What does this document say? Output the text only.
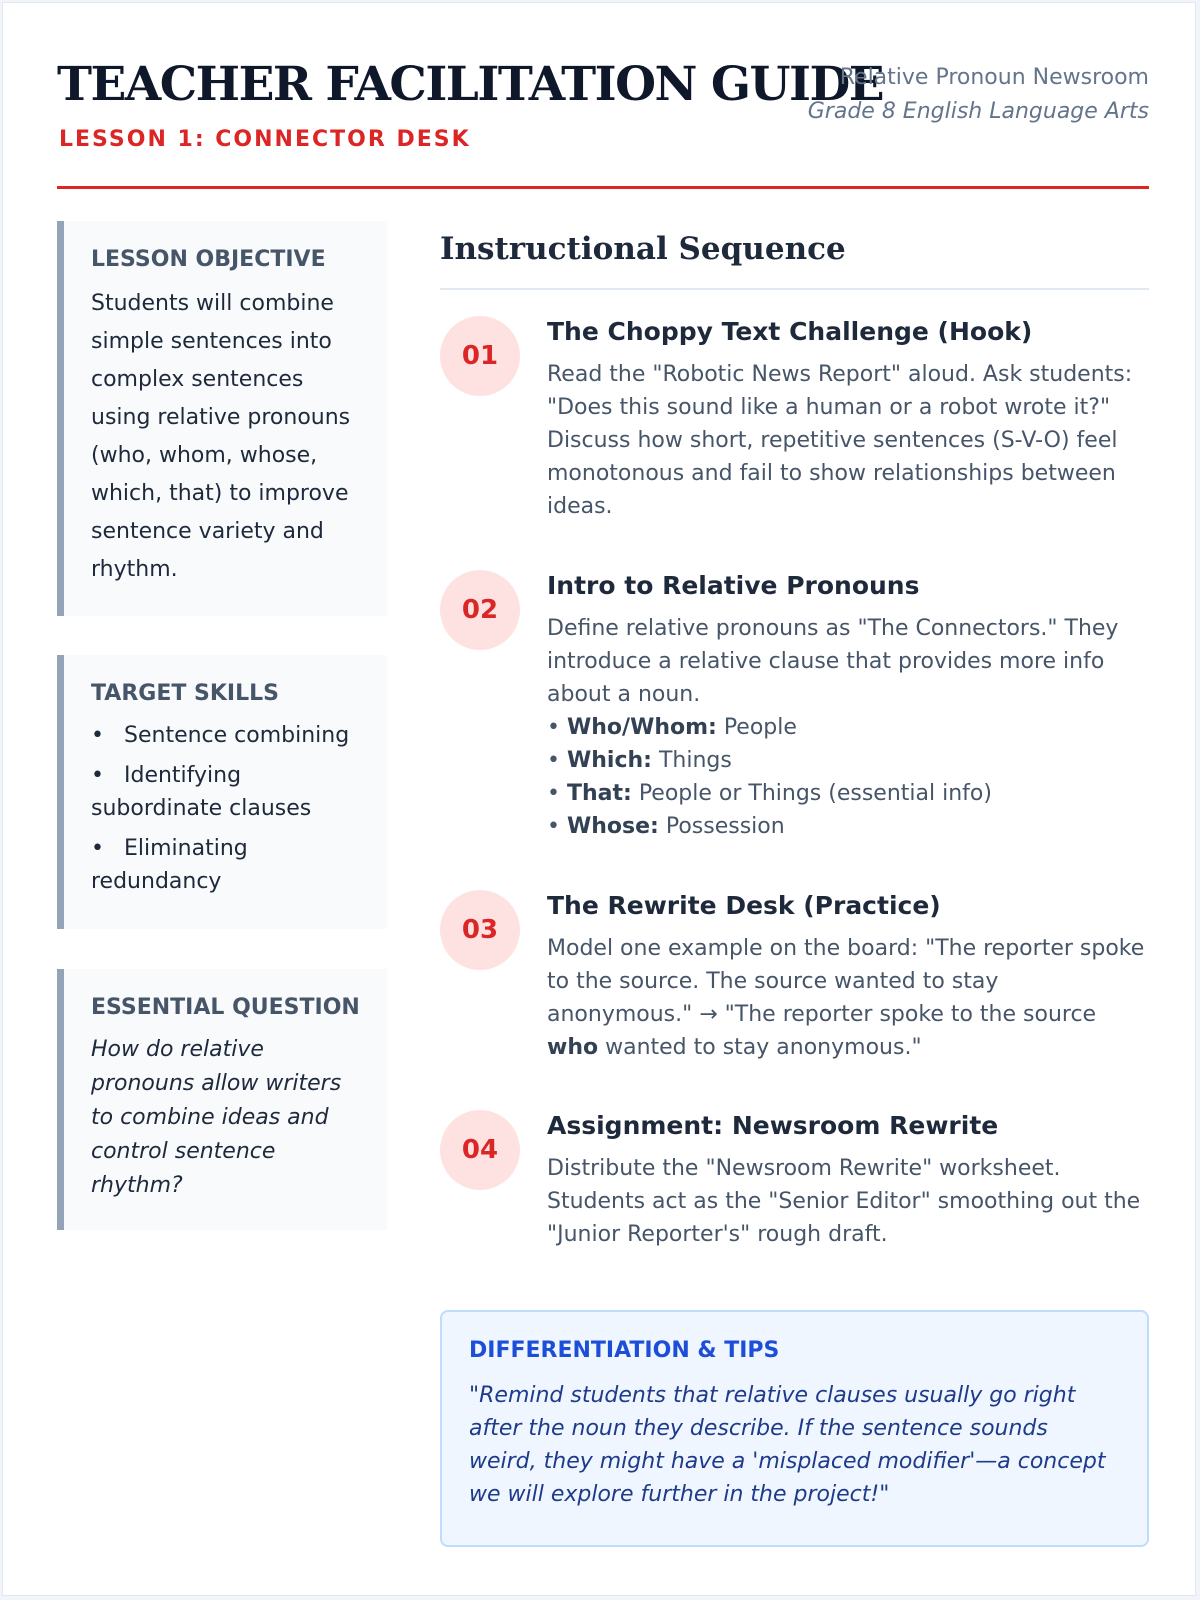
TEACHER FACILITATION GUIDE
LESSON 1: CONNECTOR DESK
Relative Pronoun Newsroom
Grade 8 English Language Arts
LESSON OBJECTIVE
Students will combine simple sentences into complex sentences using relative pronouns (who, whom, whose, which, that) to improve sentence variety and rhythm.
TARGET SKILLS
• Sentence combining
• Identifying subordinate clauses
• Eliminating redundancy
ESSENTIAL QUESTION
How do relative pronouns allow writers to combine ideas and control sentence rhythm?
Instructional Sequence
01
The Choppy Text Challenge (Hook)
Read the "Robotic News Report" aloud. Ask students: "Does this sound like a human or a robot wrote it?" Discuss how short, repetitive sentences (S-V-O) feel monotonous and fail to show relationships between ideas.
02
Intro to Relative Pronouns
Define relative pronouns as "The Connectors." They introduce a relative clause that provides more info about a noun.
• Who/Whom: People
• Which: Things
• That: People or Things (essential info)
• Whose: Possession
03
The Rewrite Desk (Practice)
Model one example on the board: "The reporter spoke to the source. The source wanted to stay anonymous." → "The reporter spoke to the source who wanted to stay anonymous."
04
Assignment: Newsroom Rewrite
Distribute the "Newsroom Rewrite" worksheet. Students act as the "Senior Editor" smoothing out the "Junior Reporter's" rough draft.
DIFFERENTIATION & TIPS
"Remind students that relative clauses usually go right after the noun they describe. If the sentence sounds weird, they might have a 'misplaced modifier'—a concept we will explore further in the project!"
